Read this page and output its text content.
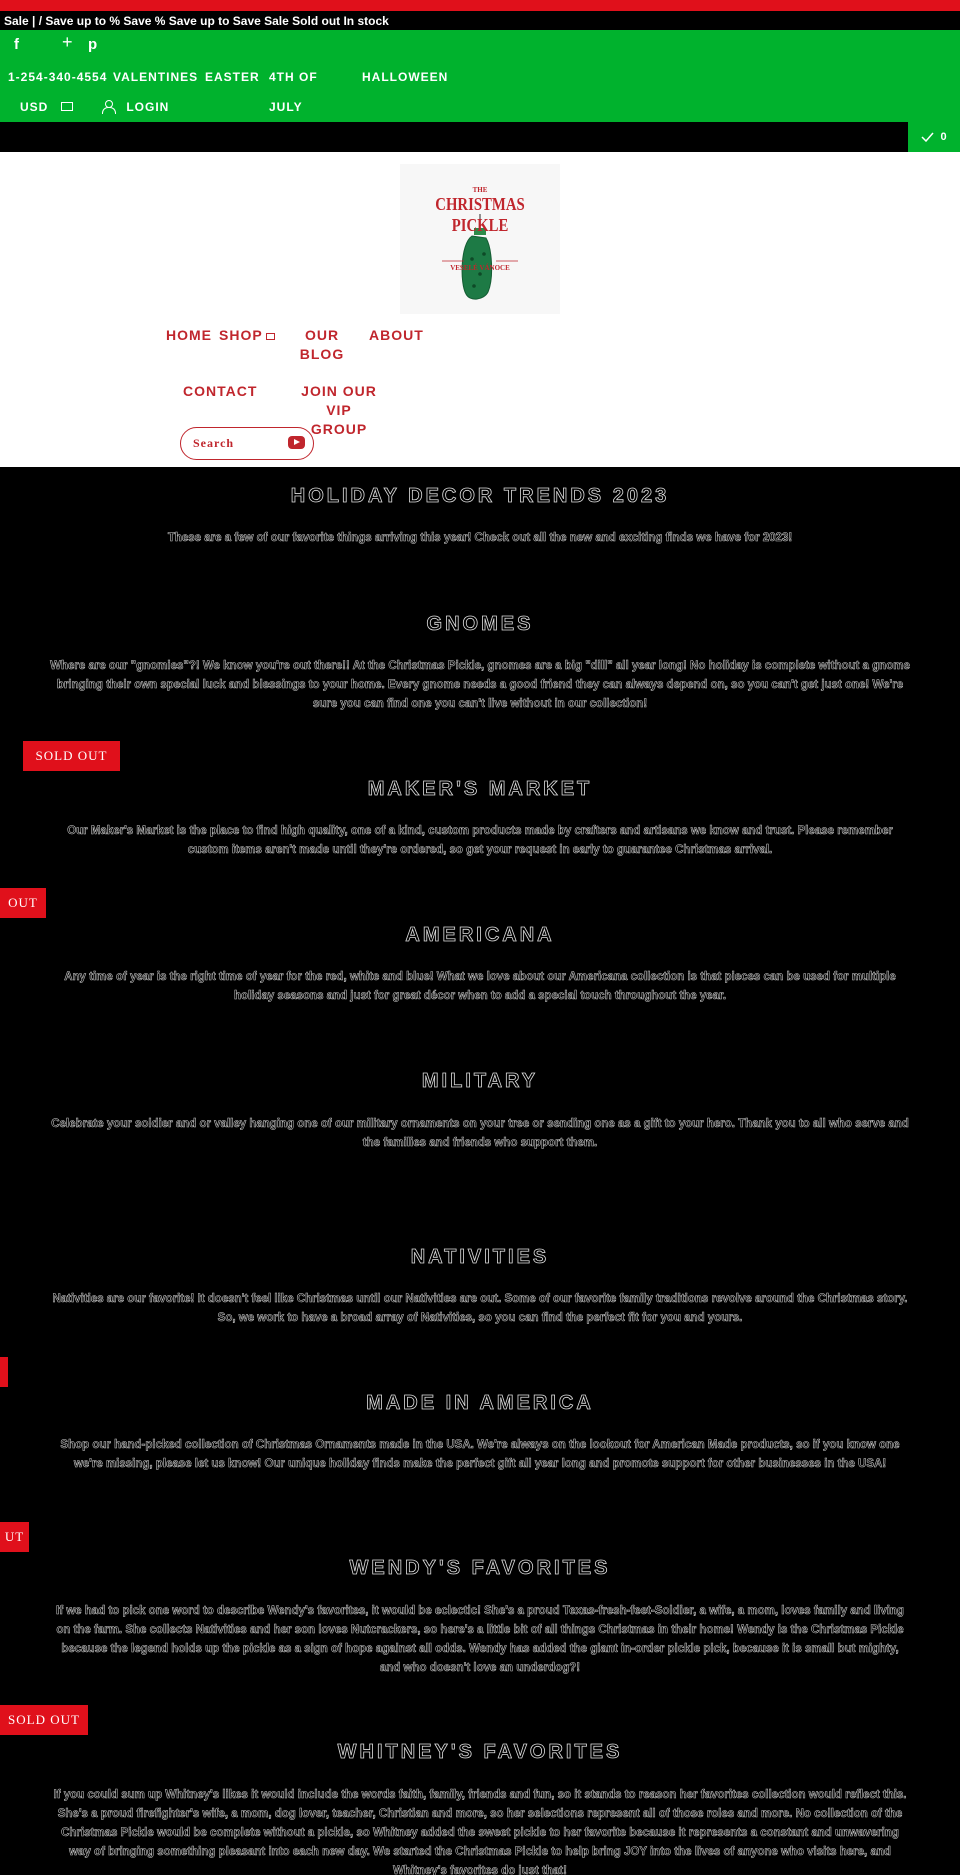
Sale | / Save up to % Save % Save up to Save Sale Sold out In stock
f + p
1-254-340-4554 VALENTINES EASTER 4TH OF
JULY
HALLOWEEN
USD	LOGIN
0
THE
CHRISTMAS PICKLE
VESELÉ VÁNOCE
HOME SHOP	OUR
BLOG
ABOUT
CONTACT	JOIN OUR VIP
GROUP
Search
HOLIDAY DECOR TRENDS 2023
These are a few of our favorite things arriving this year! Check out all the new and exciting finds we have for 2023!
GNOMES
Where are our "gnomies"?! We know you're out there!! At the Christmas Pickle, gnomes are a big "dill" all year long! No holiday is complete without a gnome bringing their own special luck and blessings to your home. Every gnome needs a good friend they can always depend on, so you can't get just one! We're sure you can find one you can't live without in our collection!
SOLD OUT
MAKER'S MARKET
Our Maker's Market is the place to find high quality, one of a kind, custom products made by crafters and artisans we know and trust. Please remember custom items aren't made until they're ordered, so get your request in early to guarantee Christmas arrival.
OUT
AMERICANA
Any time of year is the right time of year for the red, white and blue! What we love about our Americana collection is that pieces can be used for multiple holiday seasons and just for great décor when to add a special touch throughout the year.
MILITARY
Celebrate your soldier and or valley hanging one of our military ornaments on your tree or sending one as a gift to your hero. Thank you to all who serve and the families and friends who support them.
NATIVITIES
Nativities are our favorite! It doesn't feel like Christmas until our Nativities are out. Some of our favorite family traditions revolve around the Christmas story. So, we work to have a broad array of Nativities, so you can find the perfect fit for you and yours.
MADE IN AMERICA
Shop our hand-picked collection of Christmas Ornaments made in the USA. We're always on the lookout for American Made products, so if you know one we're missing, please let us know! Our unique holiday finds make the perfect gift all year long and promote support for other businesses in the USA!
UT
WENDY'S FAVORITES
If we had to pick one word to describe Wendy's favorites, it would be eclectic! She's a proud Texas-fresh-feet-Soldier, a wife, a mom, loves family and living on the farm. She collects Nativities and her son loves Nutcrackers, so here's a little bit of all things Christmas in their home! Wendy is the Christmas Pickle because the legend holds up the pickle as a sign of hope against all odds. Wendy has added the giant in-order pickle pick, because it is small but mighty, and who doesn't love an underdog?!
SOLD OUT
WHITNEY'S FAVORITES
If you could sum up Whitney's likes it would include the words faith, family, friends and fun, so it stands to reason her favorites collection would reflect this. She's a proud firefighter's wife, a mom, dog lover, teacher, Christian and more, so her selections represent all of those roles and more. No collection of the Christmas Pickle would be complete without a pickle, so Whitney added the sweet pickle to her favorite because it represents a constant and unwavering way of bringing something pleasant into each new day. We started the Christmas Pickle to help bring JOY into the lives of anyone who visits here, and Whitney's favorites do just that!
